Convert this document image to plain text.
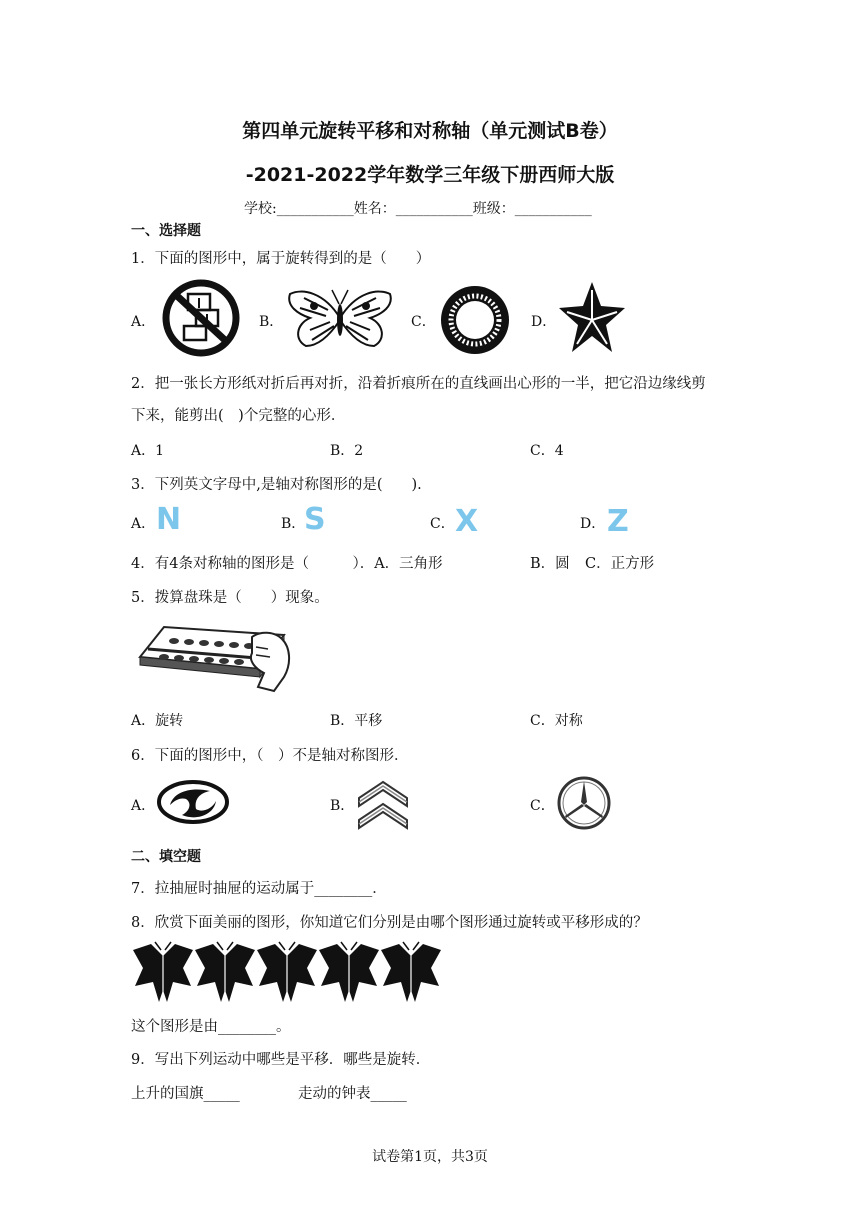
第四单元旋转平移和对称轴（单元测试B卷）
-2021-2022学年数学三年级下册西师大版
学校:___________姓名：___________班级：___________
一、选择题
1．下面的图形中，属于旋转得到的是（　　）
A．	B．	C．	D．
2．把一张长方形纸对折后再对折，沿着折痕所在的直线画出心形的一半，把它沿边缘线剪
下来，能剪出(　)个完整的心形．
A．1	B．2	C．4
3．下列英文字母中,是轴对称图形的是(　　).
A． N	B．
S	C． X	D． Z
4．有4条对称轴的图形是（　　　）．A．三角形	B．圆 C．正方形
5．拨算盘珠是（　　）现象。
A．旋转	B．平移	C．对称
6．下面的图形中，（　）不是轴对称图形．
A．	B．	C．
二、填空题
7．拉抽屉时抽屉的运动属于________．
8．欣赏下面美丽的图形，你知道它们分别是由哪个图形通过旋转或平移形成的？
这个图形是由________。
9．写出下列运动中哪些是平移．哪些是旋转．
上升的国旗_____	走动的钟表_____
试卷第1页，共3页
